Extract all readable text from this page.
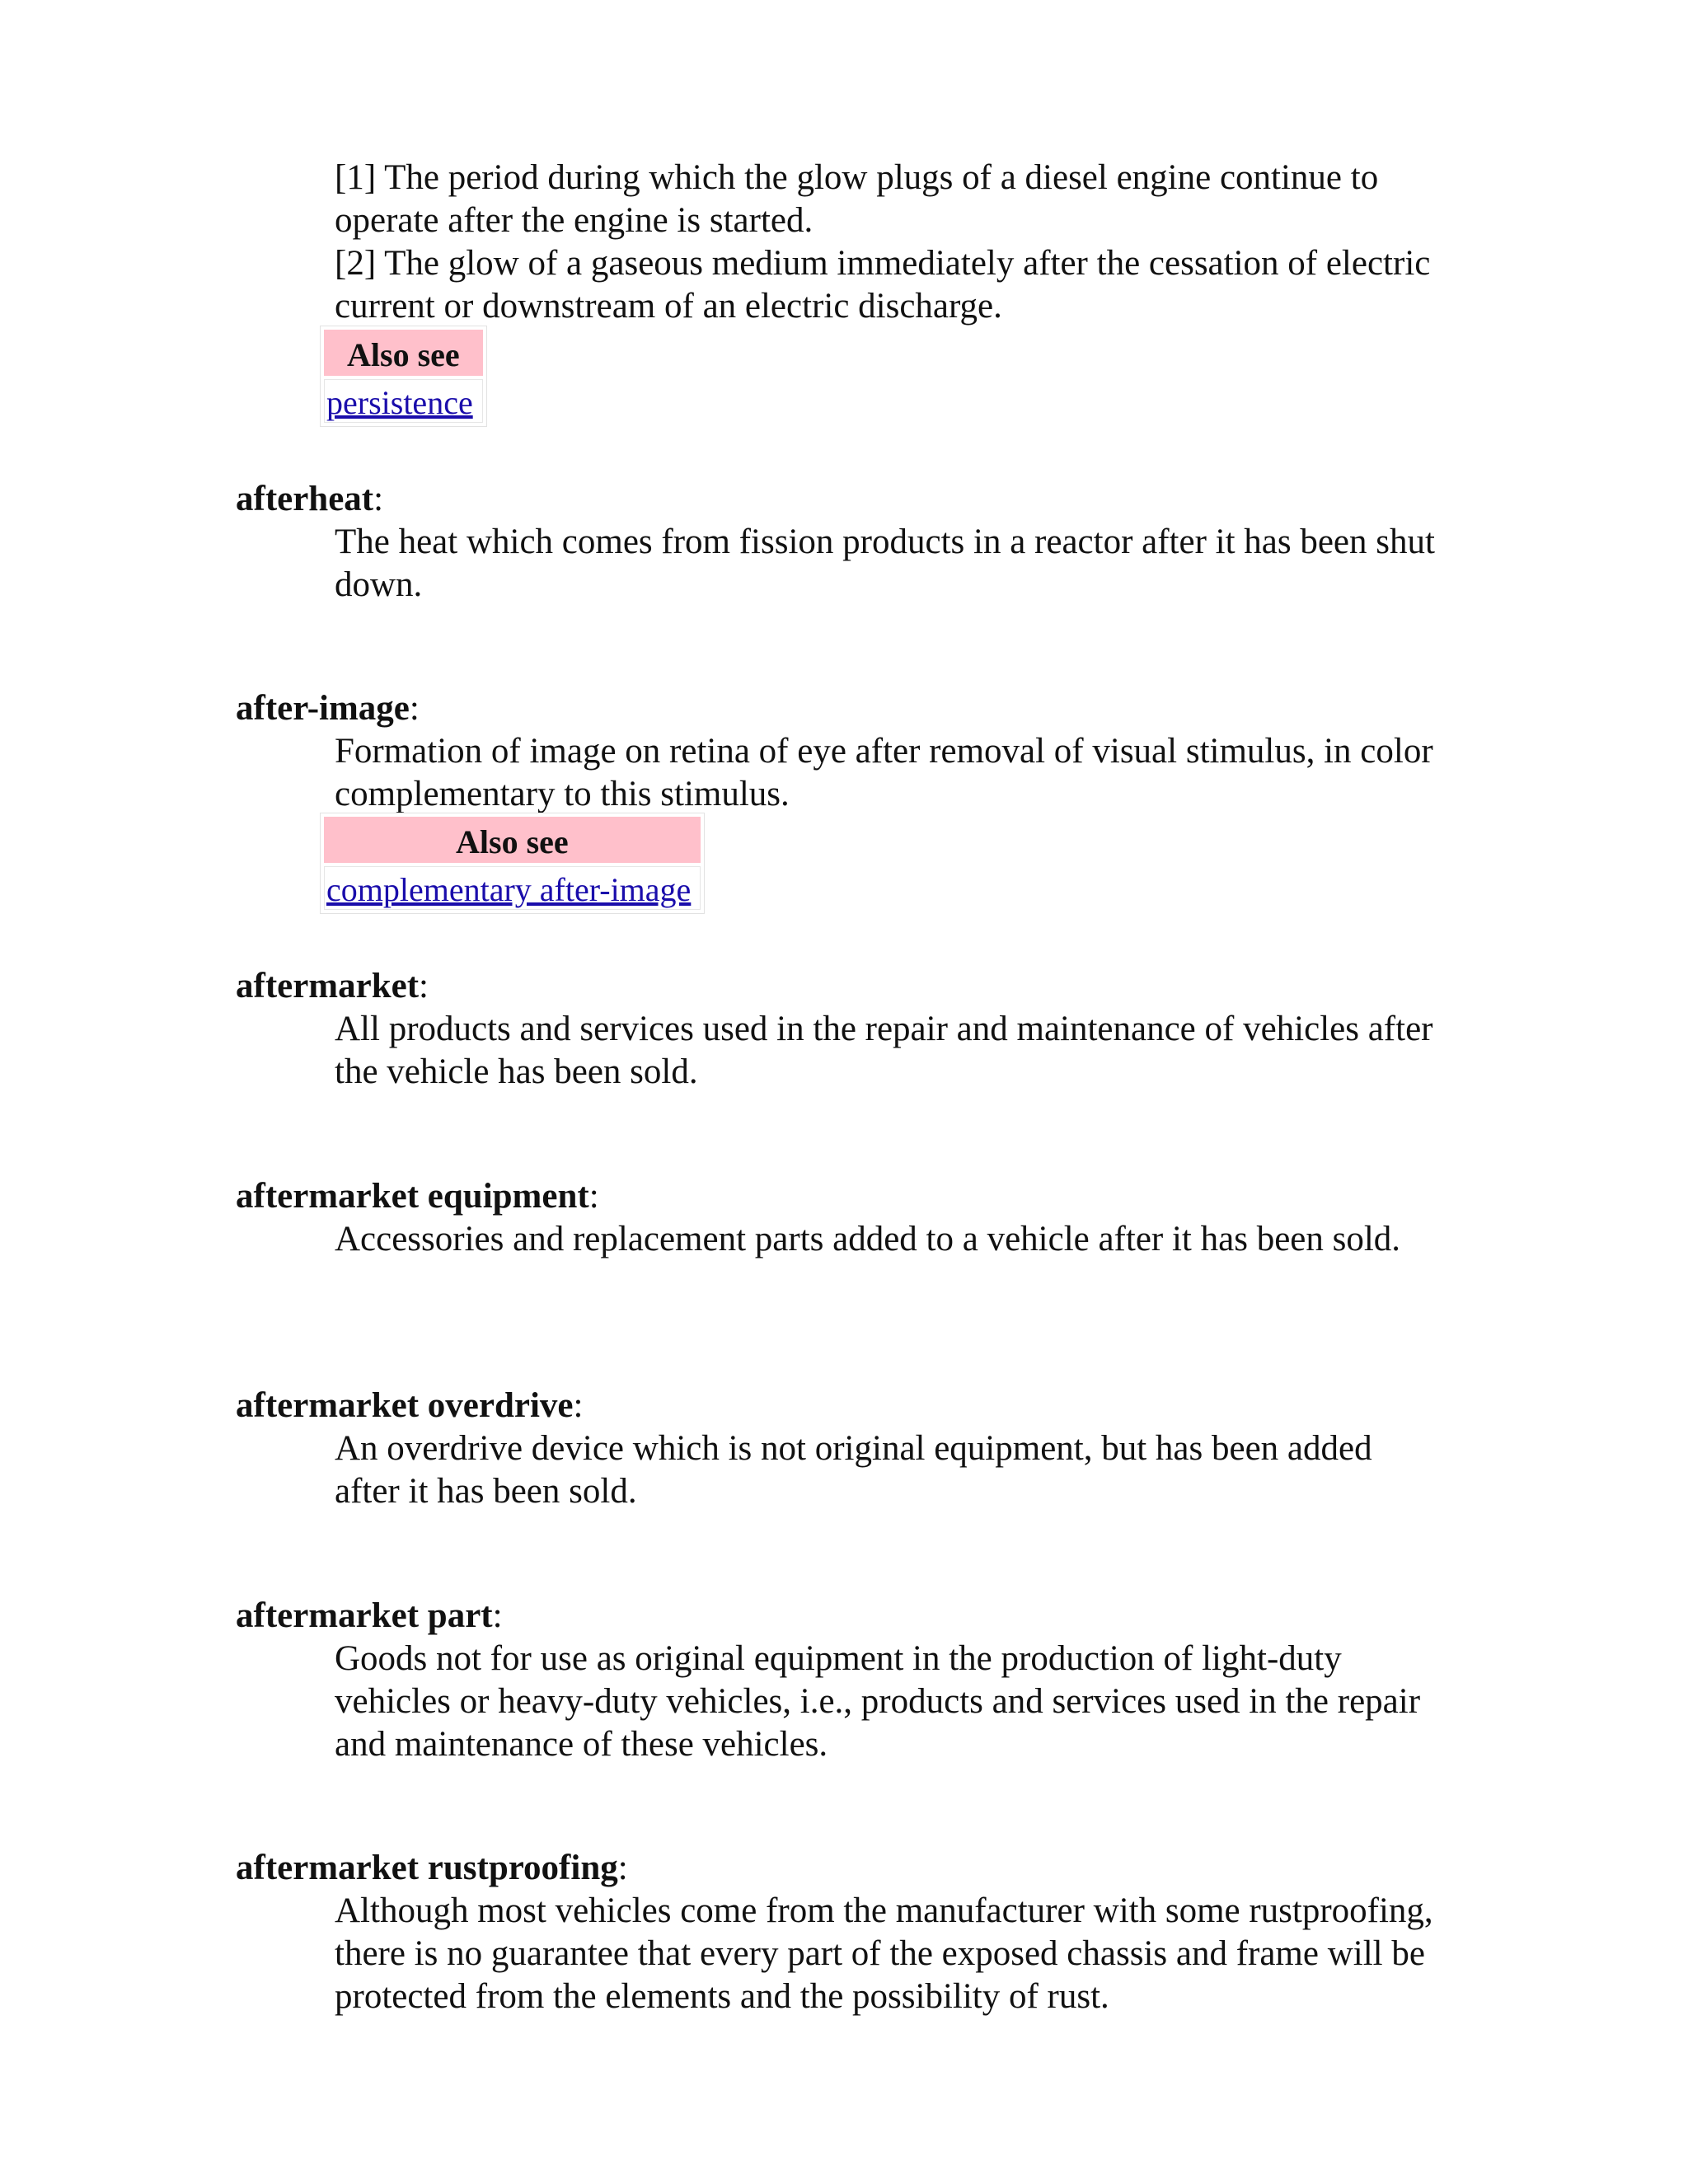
[1] The period during which the glow plugs of a diesel engine continue to operate after the engine is started.

[2] The glow of a gaseous medium immediately after the cessation of electric current or downstream of an electric discharge.

Also see
persistence
afterheat:
The heat which comes from fission products in a reactor after it has been shut down.
after-image:
Formation of image on retina of eye after removal of visual stimulus, in color complementary to this stimulus.
Also see
complementary after-image
aftermarket:
All products and services used in the repair and maintenance of vehicles after the vehicle has been sold.
aftermarket equipment:
Accessories and replacement parts added to a vehicle after it has been sold.
aftermarket overdrive:
An overdrive device which is not original equipment, but has been added after it has been sold.
aftermarket part:
Goods not for use as original equipment in the production of light-duty vehicles or heavy-duty vehicles, i.e., products and services used in the repair and maintenance of these vehicles.
aftermarket rustproofing:
Although most vehicles come from the manufacturer with some rustproofing, there is no guarantee that every part of the exposed chassis and frame will be protected from the elements and the possibility of rust.
